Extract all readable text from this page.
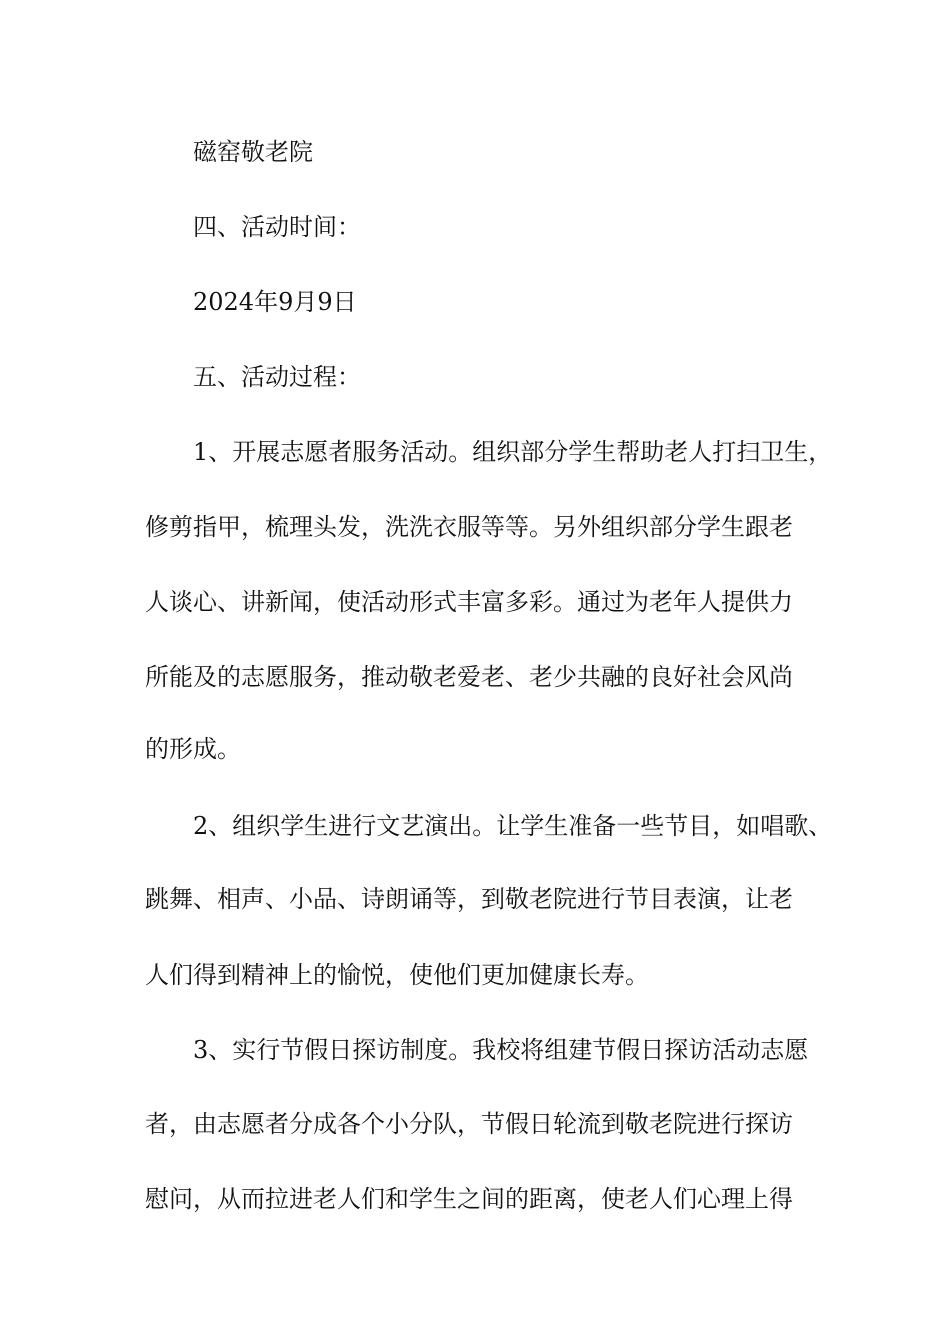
磁窑敬老院
四、活动时间：
2024年9月9日
五、活动过程：
1、开展志愿者服务活动。组织部分学生帮助老人打扫卫生，
修剪指甲，梳理头发，洗洗衣服等等。另外组织部分学生跟老
人谈心、讲新闻，使活动形式丰富多彩。通过为老年人提供力
所能及的志愿服务，推动敬老爱老、老少共融的良好社会风尚
的形成。
2、组织学生进行文艺演出。让学生准备一些节目，如唱歌、
跳舞、相声、小品、诗朗诵等，到敬老院进行节目表演，让老
人们得到精神上的愉悦，使他们更加健康长寿。
3、实行节假日探访制度。我校将组建节假日探访活动志愿
者，由志愿者分成各个小分队，节假日轮流到敬老院进行探访
慰问，从而拉进老人们和学生之间的距离，使老人们心理上得
